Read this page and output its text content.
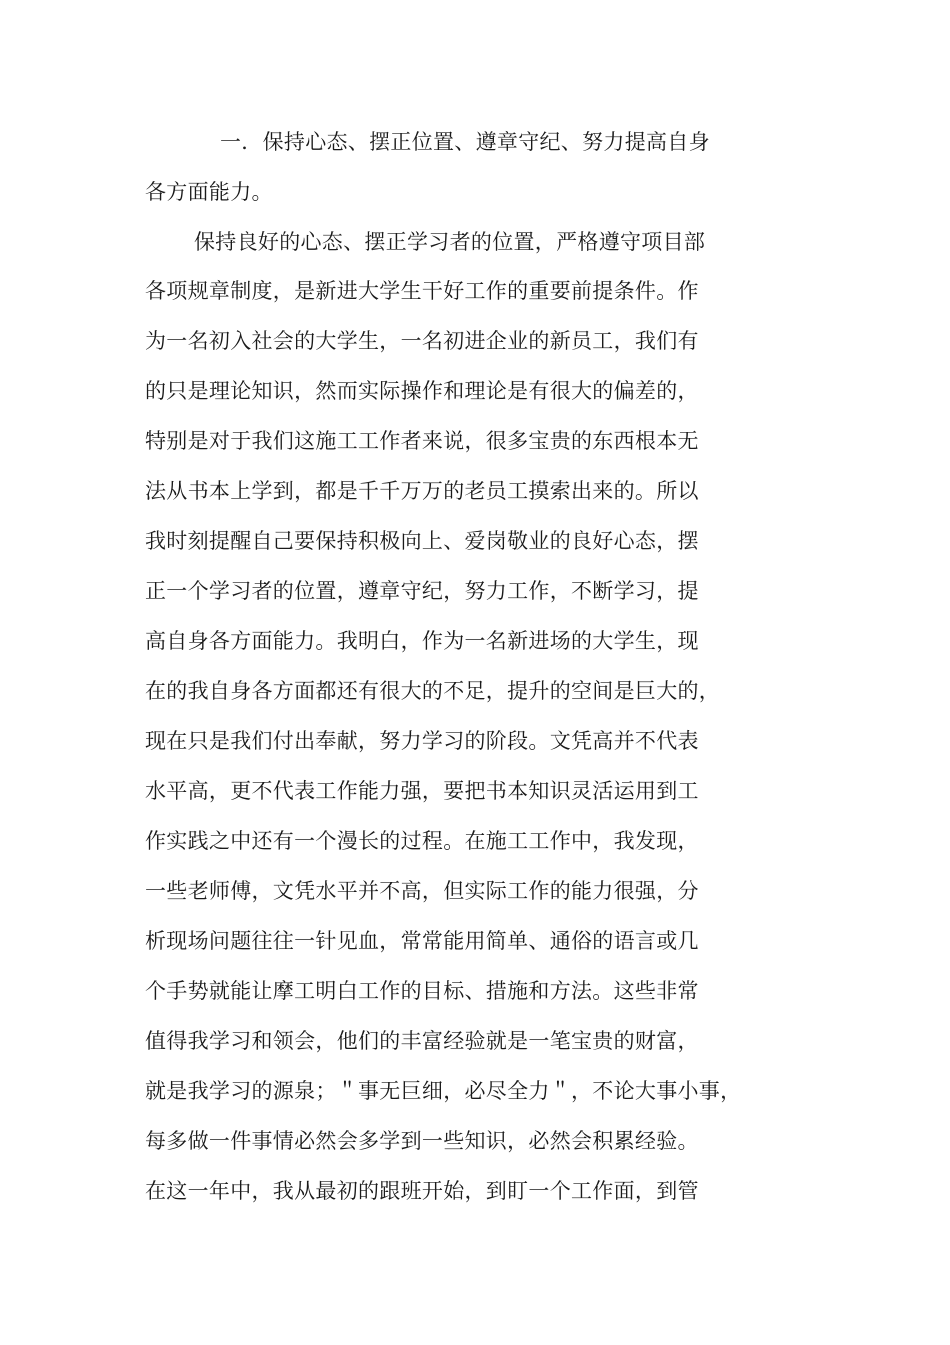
一．保持心态、摆正位置、遵章守纪、努力提高自身
各方面能力。
保持良好的心态、摆正学习者的位置，严格遵守项目部
各项规章制度，是新进大学生干好工作的重要前提条件。作
为一名初入社会的大学生，一名初进企业的新员工，我们有
的只是理论知识，然而实际操作和理论是有很大的偏差的，
特别是对于我们这施工工作者来说，很多宝贵的东西根本无
法从书本上学到，都是千千万万的老员工摸索出来的。所以
我时刻提醒自己要保持积极向上、爱岗敬业的良好心态，摆
正一个学习者的位置，遵章守纪，努力工作，不断学习，提
高自身各方面能力。我明白，作为一名新进场的大学生，现
在的我自身各方面都还有很大的不足，提升的空间是巨大的，
现在只是我们付出奉献，努力学习的阶段。文凭高并不代表
水平高，更不代表工作能力强，要把书本知识灵活运用到工
作实践之中还有一个漫长的过程。在施工工作中，我发现，
一些老师傅，文凭水平并不高，但实际工作的能力很强，分
析现场问题往往一针见血，常常能用简单、通俗的语言或几
个手势就能让摩工明白工作的目标、措施和方法。这些非常
值得我学习和领会，他们的丰富经验就是一笔宝贵的财富，
就是我学习的源泉；＂事无巨细，必尽全力＂，不论大事小事，
每多做一件事情必然会多学到一些知识，必然会积累经验。
在这一年中，我从最初的跟班开始，到盯一个工作面，到管
